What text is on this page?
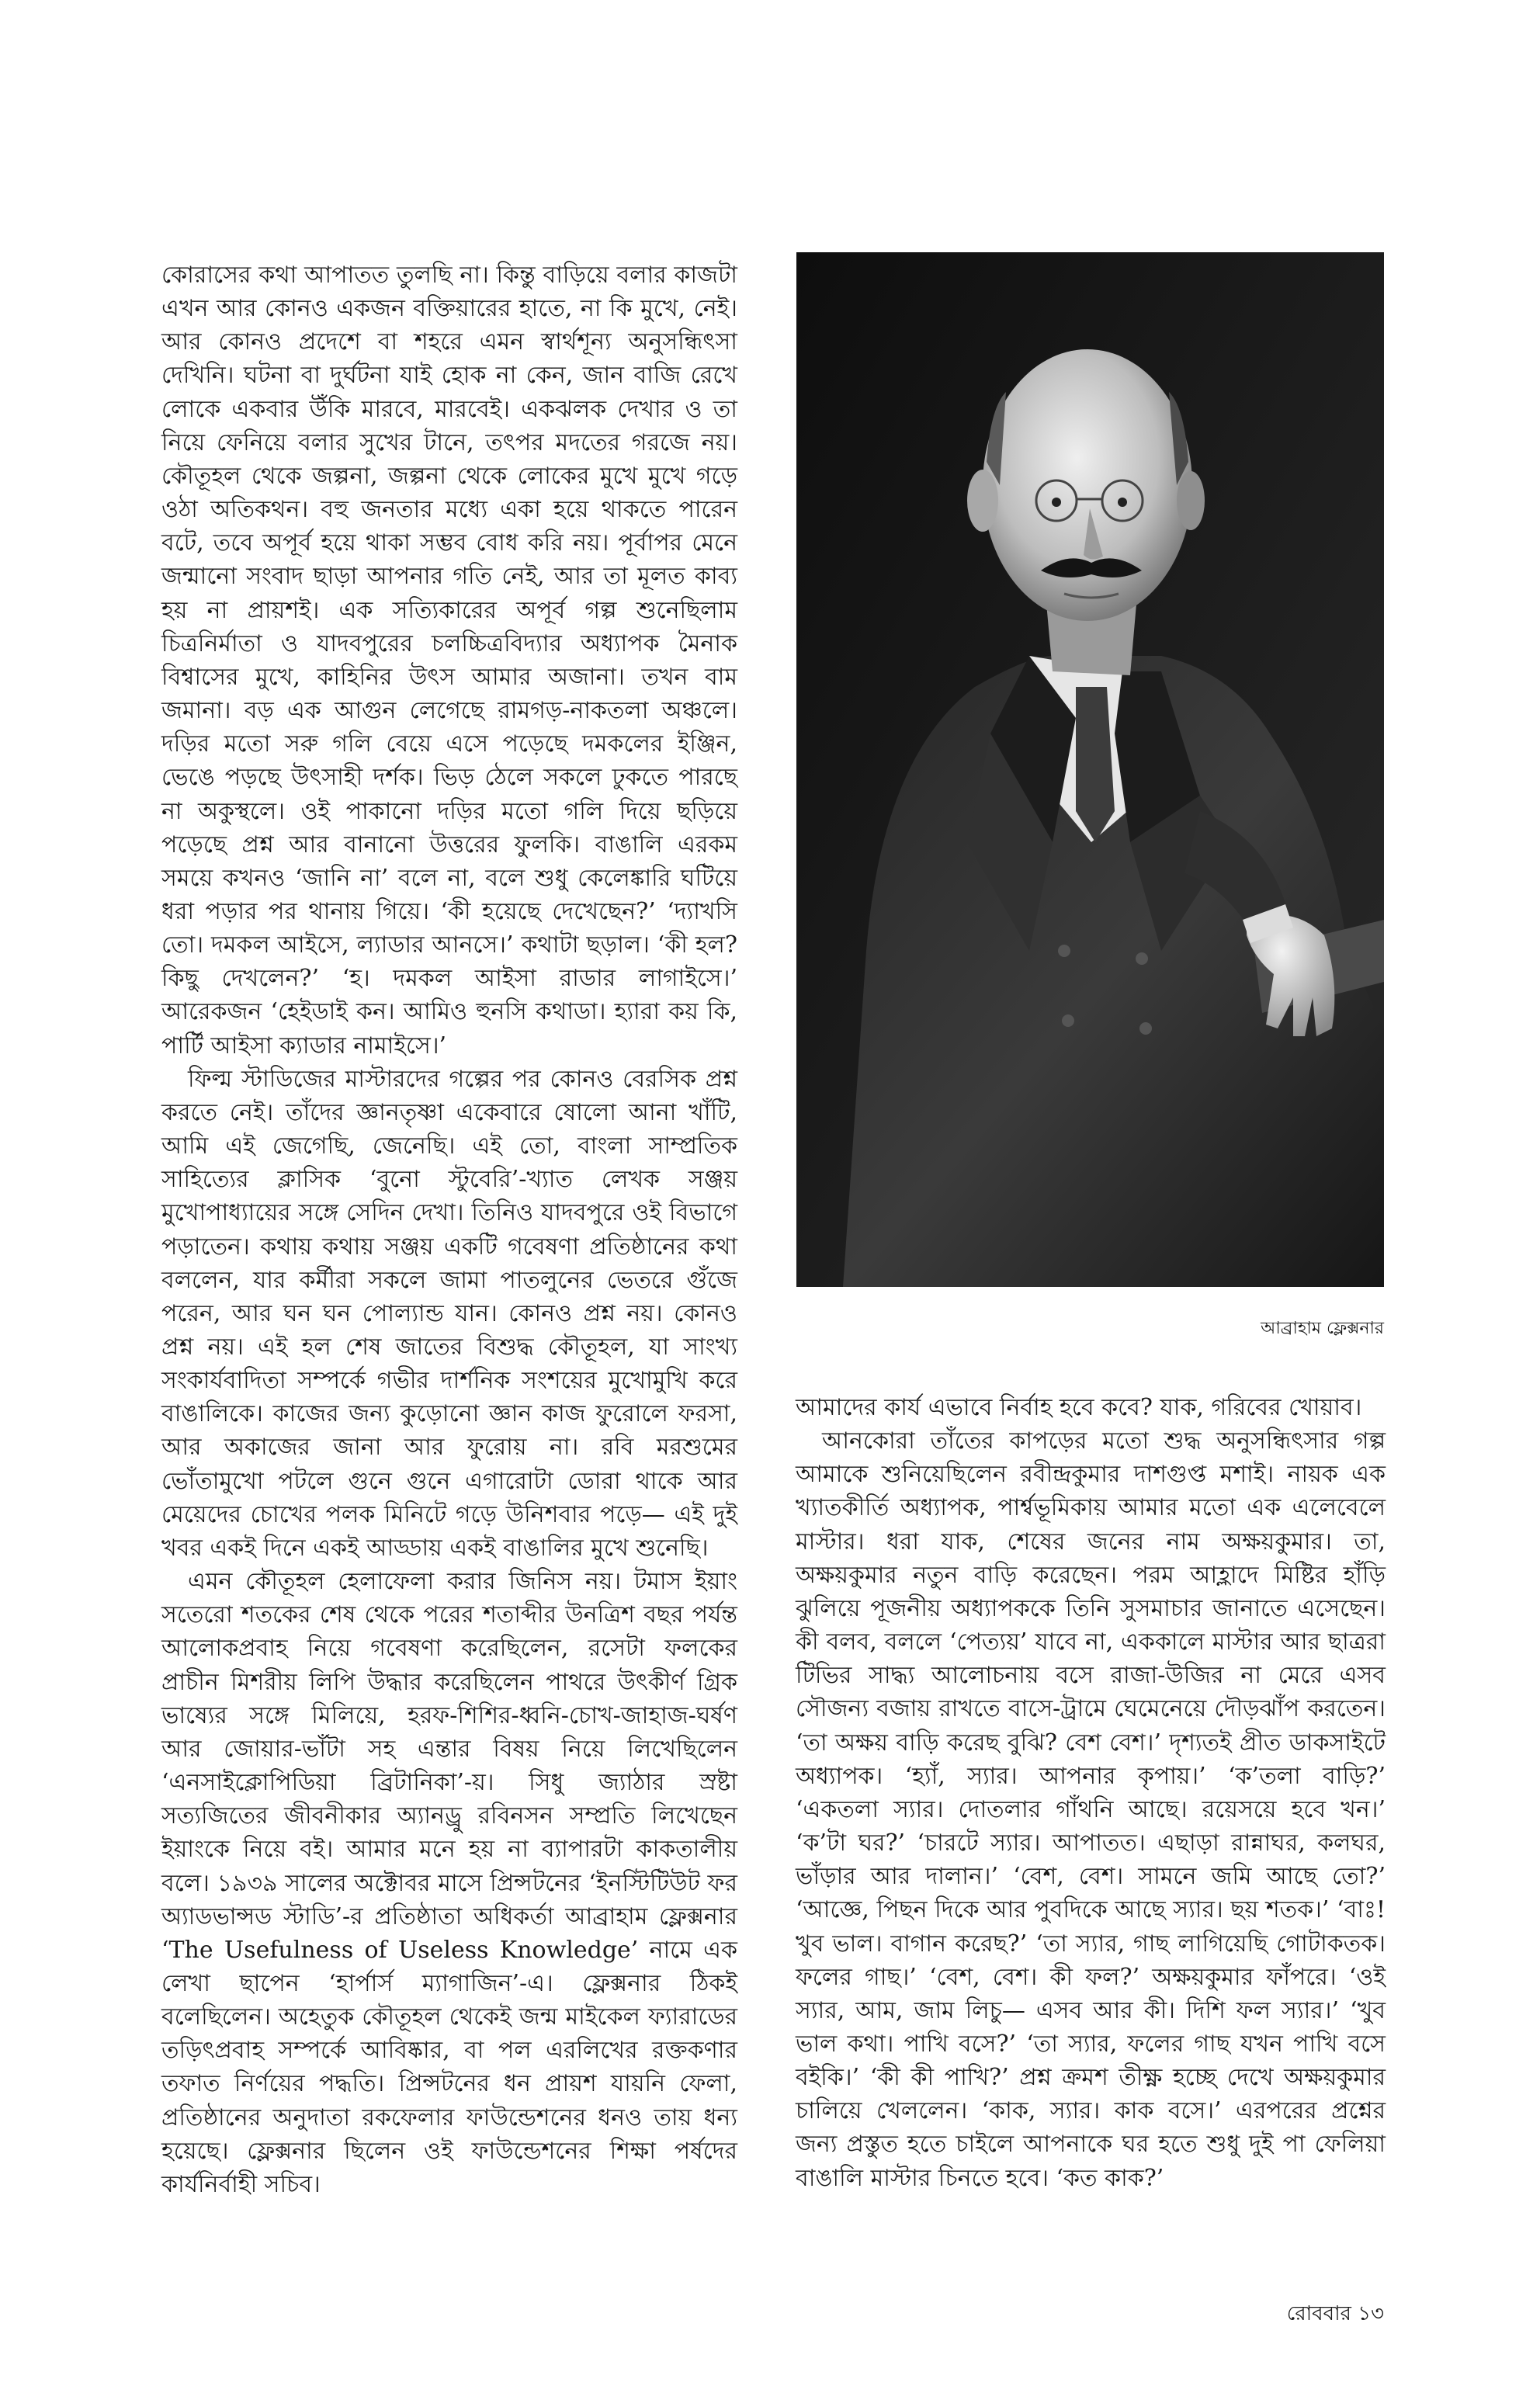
কোরাসের কথা আপাতত তুলছি না। কিন্তু বাড়িয়ে বলার কাজটা এখন আর কোনও একজন বক্তিয়ারের হাতে, না কি মুখে, নেই। আর কোনও প্রদেশে বা শহরে এমন স্বার্থশূন্য অনুসন্ধিৎসা দেখিনি। ঘটনা বা দুর্ঘটনা যাই হোক না কেন, জান বাজি রেখে লোকে একবার উঁকি মারবে, মারবেই। একঝলক দেখার ও তা নিয়ে ফেনিয়ে বলার সুখের টানে, তৎপর মদতের গরজে নয়। কৌতূহল থেকে জল্পনা, জল্পনা থেকে লোকের মুখে মুখে গড়ে ওঠা অতিকথন। বহু জনতার মধ্যে একা হয়ে থাকতে পারেন বটে, তবে অপূর্ব হয়ে থাকা সম্ভব বোধ করি নয়। পূর্বাপর মেনে জন্মানো সংবাদ ছাড়া আপনার গতি নেই, আর তা মূলত কাব্য হয় না প্রায়শই। এক সত্যিকারের অপূর্ব গল্প শুনেছিলাম চিত্রনির্মাতা ও যাদবপুরের চলচ্চিত্রবিদ্যার অধ্যাপক মৈনাক বিশ্বাসের মুখে, কাহিনির উৎস আমার অজানা। তখন বাম জমানা। বড় এক আগুন লেগেছে রামগড়-নাকতলা অঞ্চলে। দড়ির মতো সরু গলি বেয়ে এসে পড়েছে দমকলের ইঞ্জিন, ভেঙে পড়ছে উৎসাহী দর্শক। ভিড় ঠেলে সকলে ঢুকতে পারছে না অকুস্থলে। ওই পাকানো দড়ির মতো গলি দিয়ে ছড়িয়ে পড়েছে প্রশ্ন আর বানানো উত্তরের ফুলকি। বাঙালি এরকম সময়ে কখনও ‘জানি না’ বলে না, বলে শুধু কেলেঙ্কারি ঘটিয়ে ধরা পড়ার পর থানায় গিয়ে। ‘কী হয়েছে দেখেছেন?’ ‘দ্যাখসি তো। দমকল আইসে, ল্যাডার আনসে।’ কথাটা ছড়াল। ‘কী হল? কিছু দেখলেন?’ ‘হ। দমকল আইসা রাডার লাগাইসে।’ আরেকজন ‘হেইডাই কন। আমিও হুনসি কথাডা। হ্যারা কয় কি, পার্টি আইসা ক্যাডার নামাইসে।’

ফিল্ম স্টাডিজের মাস্টারদের গল্পের পর কোনও বেরসিক প্রশ্ন করতে নেই। তাঁদের জ্ঞানতৃষ্ণা একেবারে ষোলো আনা খাঁটি, আমি এই জেগেছি, জেনেছি। এই তো, বাংলা সাম্প্রতিক সাহিত্যের ক্লাসিক ‘বুনো স্টুবেরি’-খ্যাত লেখক সঞ্জয় মুখোপাধ্যায়ের সঙ্গে সেদিন দেখা। তিনিও যাদবপুরে ওই বিভাগে পড়াতেন। কথায় কথায় সঞ্জয় একটি গবেষণা প্রতিষ্ঠানের কথা বললেন, যার কর্মীরা সকলে জামা পাতলুনের ভেতরে গুঁজে পরেন, আর ঘন ঘন পোল্যান্ড যান। কোনও প্রশ্ন নয়। কোনও প্রশ্ন নয়। এই হল শেষ জাতের বিশুদ্ধ কৌতূহল, যা সাংখ্য সংকার্যবাদিতা সম্পর্কে গভীর দার্শনিক সংশয়ের মুখোমুখি করে বাঙালিকে। কাজের জন্য কুড়োনো জ্ঞান কাজ ফুরোলে ফরসা, আর অকাজের জানা আর ফুরোয় না। রবি মরশুমের ভোঁতামুখো পটলে গুনে গুনে এগারোটা ডোরা থাকে আর মেয়েদের চোখের পলক মিনিটে গড়ে উনিশবার পড়ে— এই দুই খবর একই দিনে একই আড্ডায় একই বাঙালির মুখে শুনেছি।

এমন কৌতূহল হেলাফেলা করার জিনিস নয়। টমাস ইয়াং সতেরো শতকের শেষ থেকে পরের শতাব্দীর উনত্রিশ বছর পর্যন্ত আলোকপ্রবাহ নিয়ে গবেষণা করেছিলেন, রসেটা ফলকের প্রাচীন মিশরীয় লিপি উদ্ধার করেছিলেন পাথরে উৎকীর্ণ গ্রিক ভাষ্যের সঙ্গে মিলিয়ে, হরফ-শিশির-ধ্বনি-চোখ-জাহাজ-ঘর্ষণ আর জোয়ার-ভাঁটা সহ এন্তার বিষয় নিয়ে লিখেছিলেন ‘এনসাইক্লোপিডিয়া ব্রিটানিকা’-য়। সিধু জ্যাঠার স্রষ্টা সত্যজিতের জীবনীকার অ্যানড্রু রবিনসন সম্প্রতি লিখেছেন ইয়াংকে নিয়ে বই। আমার মনে হয় না ব্যাপারটা কাকতালীয় বলে। ১৯৩৯ সালের অক্টোবর মাসে প্রিন্সটনের ‘ইনস্টিটিউট ফর অ্যাডভান্সড স্টাডি’-র প্রতিষ্ঠাতা অধিকর্তা আব্রাহাম ফ্লেক্সনার ‘The Usefulness of Useless Knowledge’ নামে এক লেখা ছাপেন ‘হার্পার্স ম্যাগাজিন’-এ। ফ্লেক্সনার ঠিকই বলেছিলেন। অহেতুক কৌতূহল থেকেই জন্ম মাইকেল ফ্যারাডের তড়িৎপ্রবাহ সম্পর্কে আবিষ্কার, বা পল এরলিখের রক্তকণার তফাত নির্ণয়ের পদ্ধতি। প্রিন্সটনের ধন প্রায়শ যায়নি ফেলা, প্রতিষ্ঠানের অনুদাতা রকফেলার ফাউন্ডেশনের ধনও তায় ধন্য হয়েছে। ফ্লেক্সনার ছিলেন ওই ফাউন্ডেশনের শিক্ষা পর্ষদের কার্যনির্বাহী সচিব।

আব্রাহাম ফ্লেক্সনার

আমাদের কার্য এভাবে নির্বাহ হবে কবে? যাক, গরিবের খোয়াব।

আনকোরা তাঁতের কাপড়ের মতো শুদ্ধ অনুসন্ধিৎসার গল্প আমাকে শুনিয়েছিলেন রবীন্দ্রকুমার দাশগুপ্ত মশাই। নায়ক এক খ্যাতকীর্তি অধ্যাপক, পার্শ্বভূমিকায় আমার মতো এক এলেবেলে মাস্টার। ধরা যাক, শেষের জনের নাম অক্ষয়কুমার। তা, অক্ষয়কুমার নতুন বাড়ি করেছেন। পরম আহ্লাদে মিষ্টির হাঁড়ি ঝুলিয়ে পূজনীয় অধ্যাপককে তিনি সুসমাচার জানাতে এসেছেন। কী বলব, বললে ‘পেত্যয়’ যাবে না, এককালে মাস্টার আর ছাত্ররা টিভির সাদ্ধ্য আলোচনায় বসে রাজা-উজির না মেরে এসব সৌজন্য বজায় রাখতে বাসে-ট্রামে ঘেমেনেয়ে দৌড়ঝাঁপ করতেন। ‘তা অক্ষয় বাড়ি করেছ বুঝি? বেশ বেশ।’ দৃশ্যতই প্রীত ডাকসাইটে অধ্যাপক। ‘হ্যাঁ, স্যার। আপনার কৃপায়।’ ‘ক’তলা বাড়ি?’ ‘একতলা স্যার। দোতলার গাঁথনি আছে। রয়েসয়ে হবে খন।’ ‘ক’টা ঘর?’ ‘চারটে স্যার। আপাতত। এছাড়া রান্নাঘর, কলঘর, ভাঁড়ার আর দালান।’ ‘বেশ, বেশ। সামনে জমি আছে তো?’ ‘আজ্ঞে, পিছন দিকে আর পুবদিকে আছে স্যার। ছয় শতক।’ ‘বাঃ! খুব ভাল। বাগান করেছ?’ ‘তা স্যার, গাছ লাগিয়েছি গোটাকতক। ফলের গাছ।’ ‘বেশ, বেশ। কী ফল?’ অক্ষয়কুমার ফাঁপরে। ‘ওই স্যার, আম, জাম লিচু— এসব আর কী। দিশি ফল স্যার।’ ‘খুব ভাল কথা। পাখি বসে?’ ‘তা স্যার, ফলের গাছ যখন পাখি বসে বইকি।’ ‘কী কী পাখি?’ প্রশ্ন ক্রমশ তীক্ষ্ণ হচ্ছে দেখে অক্ষয়কুমার চালিয়ে খেললেন। ‘কাক, স্যার। কাক বসে।’ এরপরের প্রশ্নের জন্য প্রস্তুত হতে চাইলে আপনাকে ঘর হতে শুধু দুই পা ফেলিয়া বাঙালি মাস্টার চিনতে হবে। ‘কত কাক?’

রোববার ১৩
